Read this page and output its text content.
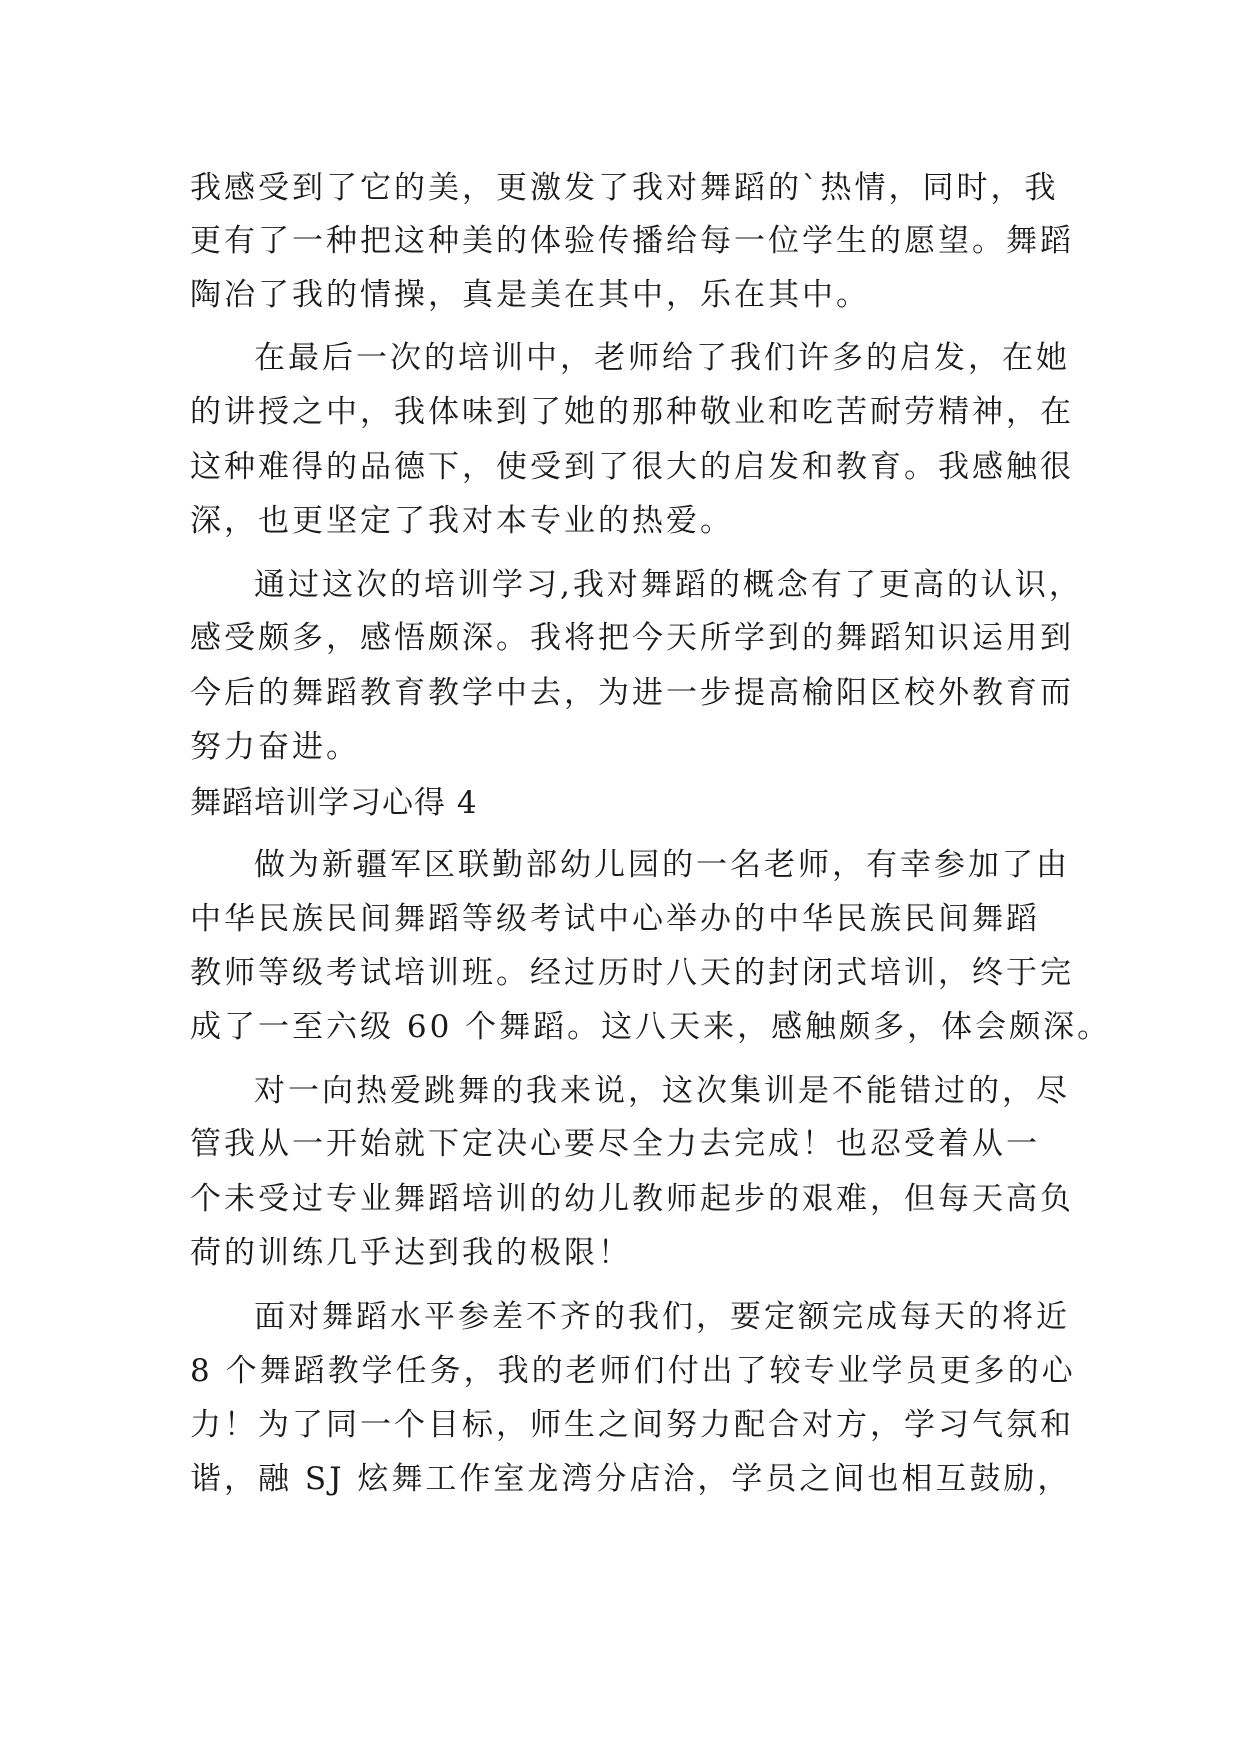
我感受到了它的美，更激发了我对舞蹈的`热情，同时，我
更有了一种把这种美的体验传播给每一位学生的愿望。舞蹈
陶冶了我的情操，真是美在其中，乐在其中。
在最后一次的培训中，老师给了我们许多的启发，在她
的讲授之中，我体味到了她的那种敬业和吃苦耐劳精神，在
这种难得的品德下，使受到了很大的启发和教育。我感触很
深，也更坚定了我对本专业的热爱。
通过这次的培训学习,我对舞蹈的概念有了更高的认识，
感受颇多，感悟颇深。我将把今天所学到的舞蹈知识运用到
今后的舞蹈教育教学中去，为进一步提高榆阳区校外教育而
努力奋进。
舞蹈培训学习心得 4
做为新疆军区联勤部幼儿园的一名老师，有幸参加了由
中华民族民间舞蹈等级考试中心举办的中华民族民间舞蹈
教师等级考试培训班。经过历时八天的封闭式培训，终于完
成了一至六级 60 个舞蹈。这八天来，感触颇多，体会颇深。
对一向热爱跳舞的我来说，这次集训是不能错过的，尽
管我从一开始就下定决心要尽全力去完成！也忍受着从一
个未受过专业舞蹈培训的幼儿教师起步的艰难，但每天高负
荷的训练几乎达到我的极限！
面对舞蹈水平参差不齐的我们，要定额完成每天的将近
8 个舞蹈教学任务，我的老师们付出了较专业学员更多的心
力！为了同一个目标，师生之间努力配合对方，学习气氛和
谐，融 SJ 炫舞工作室龙湾分店洽，学员之间也相互鼓励，
